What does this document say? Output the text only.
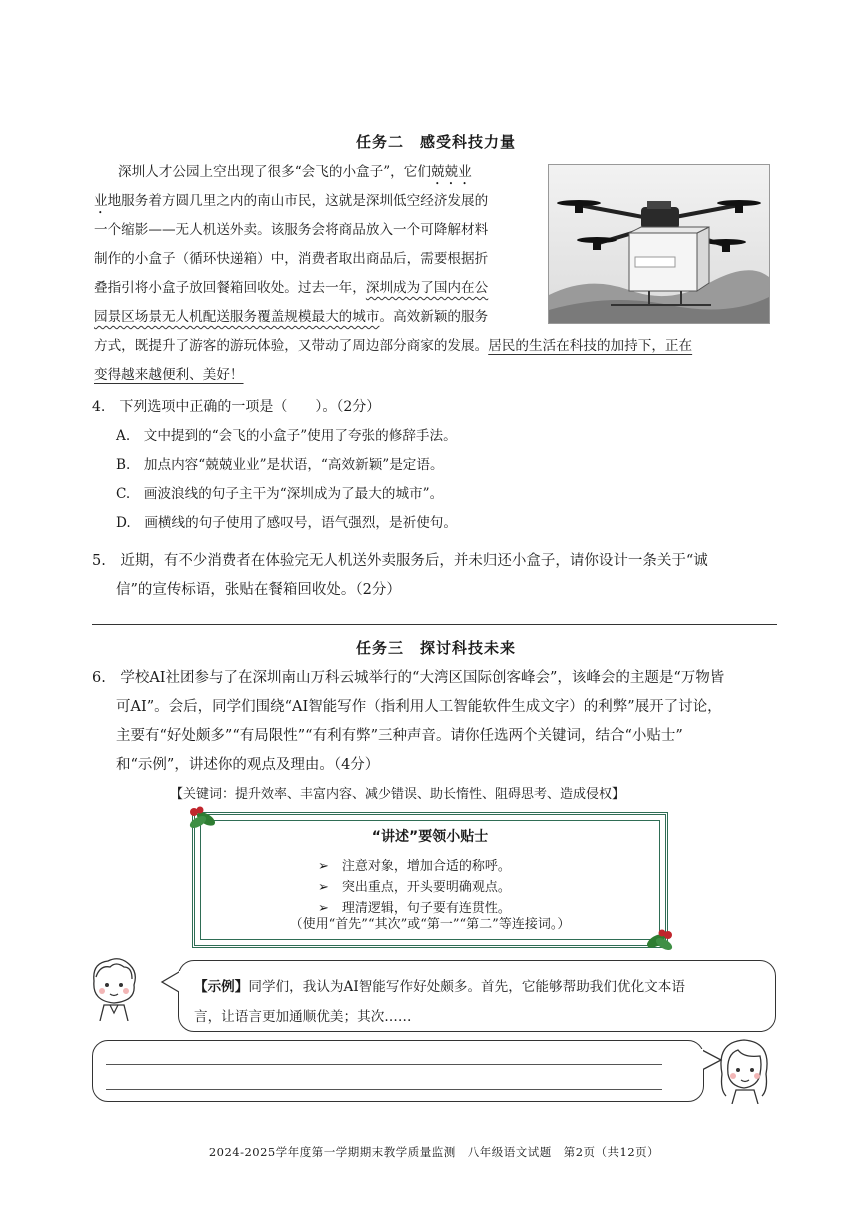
任务二　感受科技力量
深圳人才公园上空出现了很多“会飞的小盒子”，它们兢兢业
业地服务着方圆几里之内的南山市民，这就是深圳低空经济发展的
一个缩影——无人机送外卖。该服务会将商品放入一个可降解材料
制作的小盒子（循环快递箱）中，消费者取出商品后，需要根据折
叠指引将小盒子放回餐箱回收处。过去一年，深圳成为了国内在公
园景区场景无人机配送服务覆盖规模最大的城市。高效新颖的服务
方式，既提升了游客的游玩体验，又带动了周边部分商家的发展。居民的生活在科技的加持下，正在
变得越来越便利、美好！
4.　下列选项中正确的一项是（　　）。（2分）
A.　文中提到的“会飞的小盒子”使用了夸张的修辞手法。
B.　加点内容“兢兢业业”是状语，“高效新颖”是定语。
C.　画波浪线的句子主干为“深圳成为了最大的城市”。
D.　画横线的句子使用了感叹号，语气强烈，是祈使句。
5.　近期，有不少消费者在体验完无人机送外卖服务后，并未归还小盒子，请你设计一条关于“诚
信”的宣传标语，张贴在餐箱回收处。（2分）
任务三　探讨科技未来
6.　学校AI社团参与了在深圳南山万科云城举行的“大湾区国际创客峰会”，该峰会的主题是“万物皆
可AI”。会后，同学们围绕“AI智能写作（指利用人工智能软件生成文字）的利弊”展开了讨论，
主要有“好处颇多”“有局限性”“有利有弊”三种声音。请你任选两个关键词，结合“小贴士”
和“示例”，讲述你的观点及理由。（4分）
【关键词：提升效率、丰富内容、减少错误、助长惰性、阻碍思考、造成侵权】
“讲述”要领小贴士
➢　 注意对象，增加合适的称呼。
➢　 突出重点，开头要明确观点。
➢　 理清逻辑，句子要有连贯性。
（使用“首先”“其次”或“第一”“第二”等连接词。）
【示例】同学们，我认为AI智能写作好处颇多。首先，它能够帮助我们优化文本语
言，让语言更加通顺优美；其次……
2024-2025学年度第一学期期末教学质量监测　八年级语文试题　第2页（共12页）
